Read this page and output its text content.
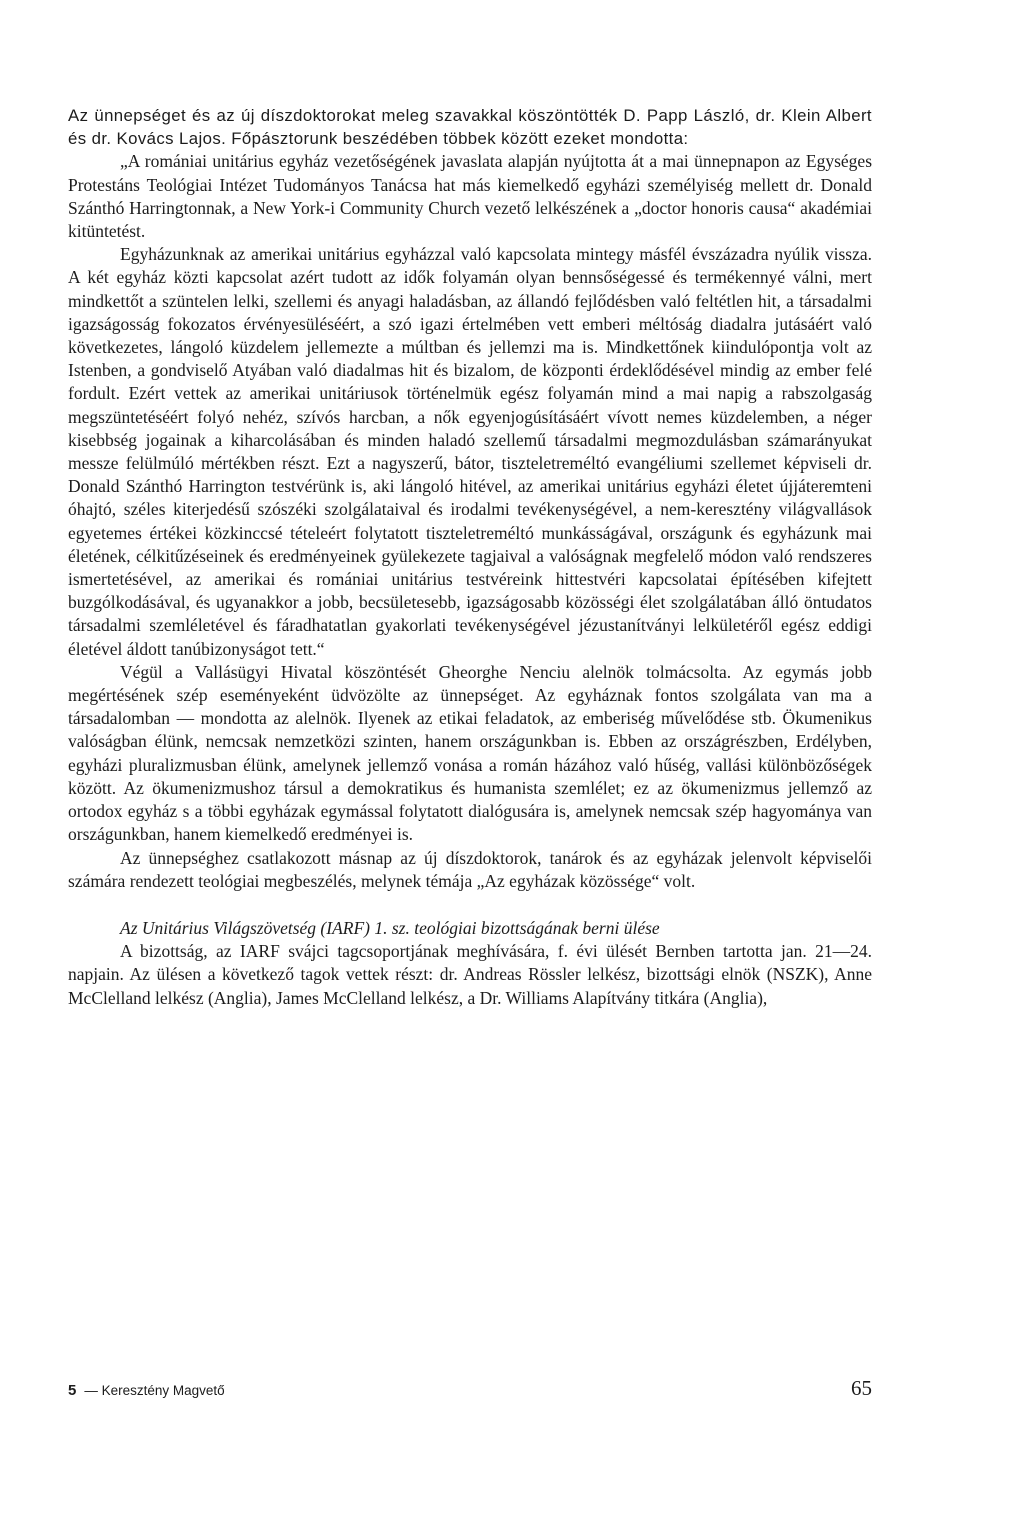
Az ünnepséget és az új díszdoktorokat meleg szavakkal köszöntötték D. Papp László, dr. Klein Albert és dr. Kovács Lajos. Főpásztorunk beszédében többek között ezeket mondotta:

„A romániai unitárius egyház vezetőségének javaslata alapján nyújtotta át a mai ünnepnapon az Egységes Protestáns Teológiai Intézet Tudományos Tanácsa hat más kiemelkedő egyházi személyiség mellett dr. Donald Szánthó Harringtonnak, a New York-i Community Church vezető lelkészének a „doctor honoris causa“ akadémiai kitüntetést.

Egyházunknak az amerikai unitárius egyházzal való kapcsolata mintegy másfél évszázadra nyúlik vissza. A két egyház közti kapcsolat azért tudott az idők folyamán olyan bennsőségessé és termékennyé válni, mert mindkettőt a szüntelen lelki, szellemi és anyagi haladásban, az állandó fejlődésben való feltétlen hit, a társadalmi igazságosság fokozatos érvényesüléséért, a szó igazi értelmében vett emberi méltóság diadalra jutásáért való következetes, lángoló küzdelem jellemezte a múltban és jellemzi ma is. Mindkettőnek kiindulópontja volt az Istenben, a gondviselő Atyában való diadalmas hit és bizalom, de központi érdeklődésével mindig az ember felé fordult. Ezért vettek az amerikai unitáriusok történelmük egész folyamán mind a mai napig a rabszolgaság megszüntetéséért folyó nehéz, szívós harcban, a nők egyenjogúsításáért vívott nemes küzdelemben, a néger kisebbség jogainak a kiharcolásában és minden haladó szellemű társadalmi megmozdulásban számarányukat messze felülmúló mértékben részt. Ezt a nagyszerű, bátor, tiszteletreméltó evangéliumi szellemet képviseli dr. Donald Szánthó Harrington testvérünk is, aki lángoló hitével, az amerikai unitárius egyházi életet újjáteremteni óhajtó, széles kiterjedésű szószéki szolgálataival és irodalmi tevékenységével, a nem-keresztény világvallások egyetemes értékei közkinccsé tételeért folytatott tiszteletreméltó munkásságával, országunk és egyházunk mai életének, célkitűzéseinek és eredményeinek gyülekezete tagjaival a valóságnak megfelelő módon való rendszeres ismertetésével, az amerikai és romániai unitárius testvéreink hittestvéri kapcsolatai építésében kifejtett buzgólkodásával, és ugyanakkor a jobb, becsületesebb, igazságosabb közösségi élet szolgálatában álló öntudatos társadalmi szemléletével és fáradhatatlan gyakorlati tevékenységével jézustanítványi lelkületéről egész eddigi életével áldott tanúbizonyságot tett.“

Végül a Vallásügyi Hivatal köszöntését Gheorghe Nenciu alelnök tolmácsolta. Az egymás jobb megértésének szép eseményeként üdvözölte az ünnepséget. Az egyháznak fontos szolgálata van ma a társadalomban — mondotta az alelnök. Ilyenek az etikai feladatok, az emberiség művelődése stb. Ökumenikus valóságban élünk, nemcsak nemzetközi szinten, hanem országunkban is. Ebben az országrészben, Erdélyben, egyházi pluralizmusban élünk, amelynek jellemző vonása a román házához való hűség, vallási különbözőségek között. Az ökumenizmushoz társul a demokratikus és humanista szemlélet; ez az ökumenizmus jellemző az ortodox egyház s a többi egyházak egymással folytatott dialógusára is, amelynek nemcsak szép hagyománya van országunkban, hanem kiemelkedő eredményei is.

Az ünnepséghez csatlakozott másnap az új díszdoktorok, tanárok és az egyházak jelenvolt képviselői számára rendezett teológiai megbeszélés, melynek témája „Az egyházak közössége“ volt.

Az Unitárius Világszövetség (IARF) 1. sz. teológiai bizottságának berni ülése

A bizottság, az IARF svájci tagcsoportjának meghívására, f. évi ülését Bernben tartotta jan. 21—24. napjain. Az ülésen a következő tagok vettek részt: dr. Andreas Rössler lelkész, bizottsági elnök (NSZK), Anne McClelland lelkész (Anglia), James McClelland lelkész, a Dr. Williams Alapítvány titkára (Anglia),

5 — Keresztény Magvető	65
